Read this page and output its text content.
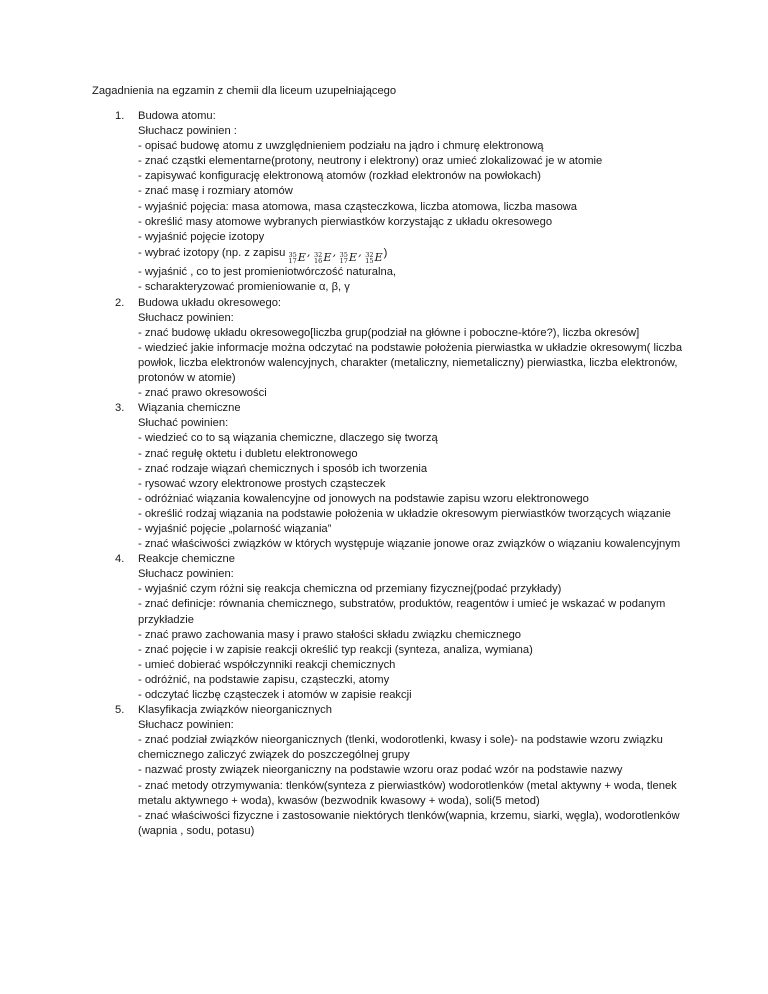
Zagadnienia na egzamin z chemii dla liceum uzupełniającego
1. Budowa atomu:
Słuchacz powinien :
- opisać budowę atomu z uwzględnieniem podziału na jądro i chmurę elektronową
- znać cząstki elementarne(protony, neutrony i elektrony) oraz umieć zlokalizować je w atomie
- zapisywać konfigurację elektronową atomów (rozkład elektronów na powłokach)
- znać masę i rozmiary atomów
- wyjaśnić pojęcia: masa atomowa, masa cząsteczkowa, liczba atomowa, liczba masowa
- określić masy atomowe wybranych pierwiastków korzystając z układu okresowego
- wyjaśnić pojęcie izotopy
- wybrać izotopy (np. z zapisu 35
17 E , 32
16 E , 35
17 E , 32
15 E )
- wyjaśnić , co to jest promieniotwórczość naturalna,
- scharakteryzować promieniowanie α, β, γ
2. Budowa układu okresowego:
Słuchacz powinien:
- znać budowę układu okresowego[liczba grup(podział na główne i poboczne-które?), liczba okresów]
- wiedzieć jakie informacje można odczytać na podstawie położenia pierwiastka w układzie okresowym( liczba powłok, liczba elektronów walencyjnych, charakter (metaliczny, niemetaliczny) pierwiastka, liczba elektronów, protonów w atomie)
- znać prawo okresowości
3. Wiązania chemiczne
Słuchać powinien:
- wiedzieć co to są wiązania chemiczne, dlaczego się tworzą
- znać regułę oktetu i dubletu elektronowego
- znać rodzaje wiązań chemicznych i sposób ich tworzenia
- rysować wzory elektronowe prostych cząsteczek
- odróżniać wiązania kowalencyjne od jonowych na podstawie zapisu wzoru elektronowego
- określić rodzaj wiązania na podstawie położenia w układzie okresowym pierwiastków tworzących wiązanie
- wyjaśnić pojęcie „polarność wiązania”
- znać właściwości związków w których występuje wiązanie jonowe oraz związków o wiązaniu kowalencyjnym
4. Reakcje chemiczne
Słuchacz powinien:
- wyjaśnić czym różni się reakcja chemiczna od przemiany fizycznej(podać przykłady)
- znać definicje: równania chemicznego, substratów, produktów, reagentów i umieć je wskazać w podanym przykładzie
- znać prawo zachowania masy i prawo stałości składu związku chemicznego
- znać pojęcie i w zapisie reakcji określić typ reakcji (synteza, analiza, wymiana)
- umieć dobierać współczynniki reakcji chemicznych
- odróżnić, na podstawie zapisu, cząsteczki, atomy
- odczytać liczbę cząsteczek i atomów w zapisie reakcji
5. Klasyfikacja związków nieorganicznych
Słuchacz powinien:
- znać podział związków nieorganicznych (tlenki, wodorotlenki, kwasy i sole)- na podstawie wzoru związku chemicznego zaliczyć związek do poszczególnej grupy
- nazwać prosty związek nieorganiczny na podstawie wzoru oraz podać wzór na podstawie nazwy
- znać metody otrzymywania: tlenków(synteza z pierwiastków) wodorotlenków (metal aktywny + woda, tlenek metalu aktywnego + woda), kwasów (bezwodnik kwasowy + woda), soli(5 metod)
- znać właściwości fizyczne i zastosowanie niektórych tlenków(wapnia, krzemu, siarki, węgla), wodorotlenków (wapnia , sodu, potasu)
